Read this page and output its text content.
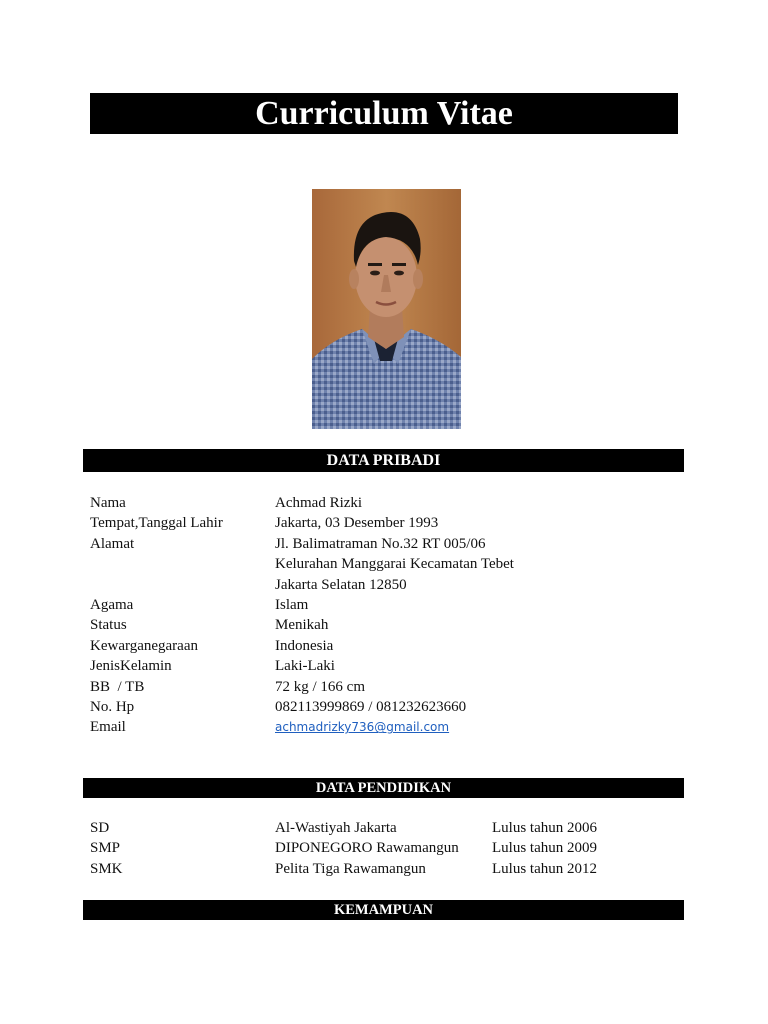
Curriculum Vitae
DATA PRIBADI
Nama	Achmad Rizki
Tempat,Tanggal Lahir	Jakarta, 03 Desember 1993
Alamat	Jl. Balimatraman No.32 RT 005/06
Kelurahan Manggarai Kecamatan Tebet
Jakarta Selatan 12850
Agama	Islam
Status	Menikah
Kewarganegaraan	Indonesia
JenisKelamin	Laki-Laki
BB  / TB	72 kg / 166 cm
No. Hp	082113999869 / 081232623660
Email	achmadrizky736@gmail.com
DATA PENDIDIKAN
SD	Al-Wastiyah Jakarta	Lulus tahun 2006
SMP	DIPONEGORO Rawamangun	Lulus tahun 2009
SMK	Pelita Tiga Rawamangun	Lulus tahun 2012
KEMAMPUAN
